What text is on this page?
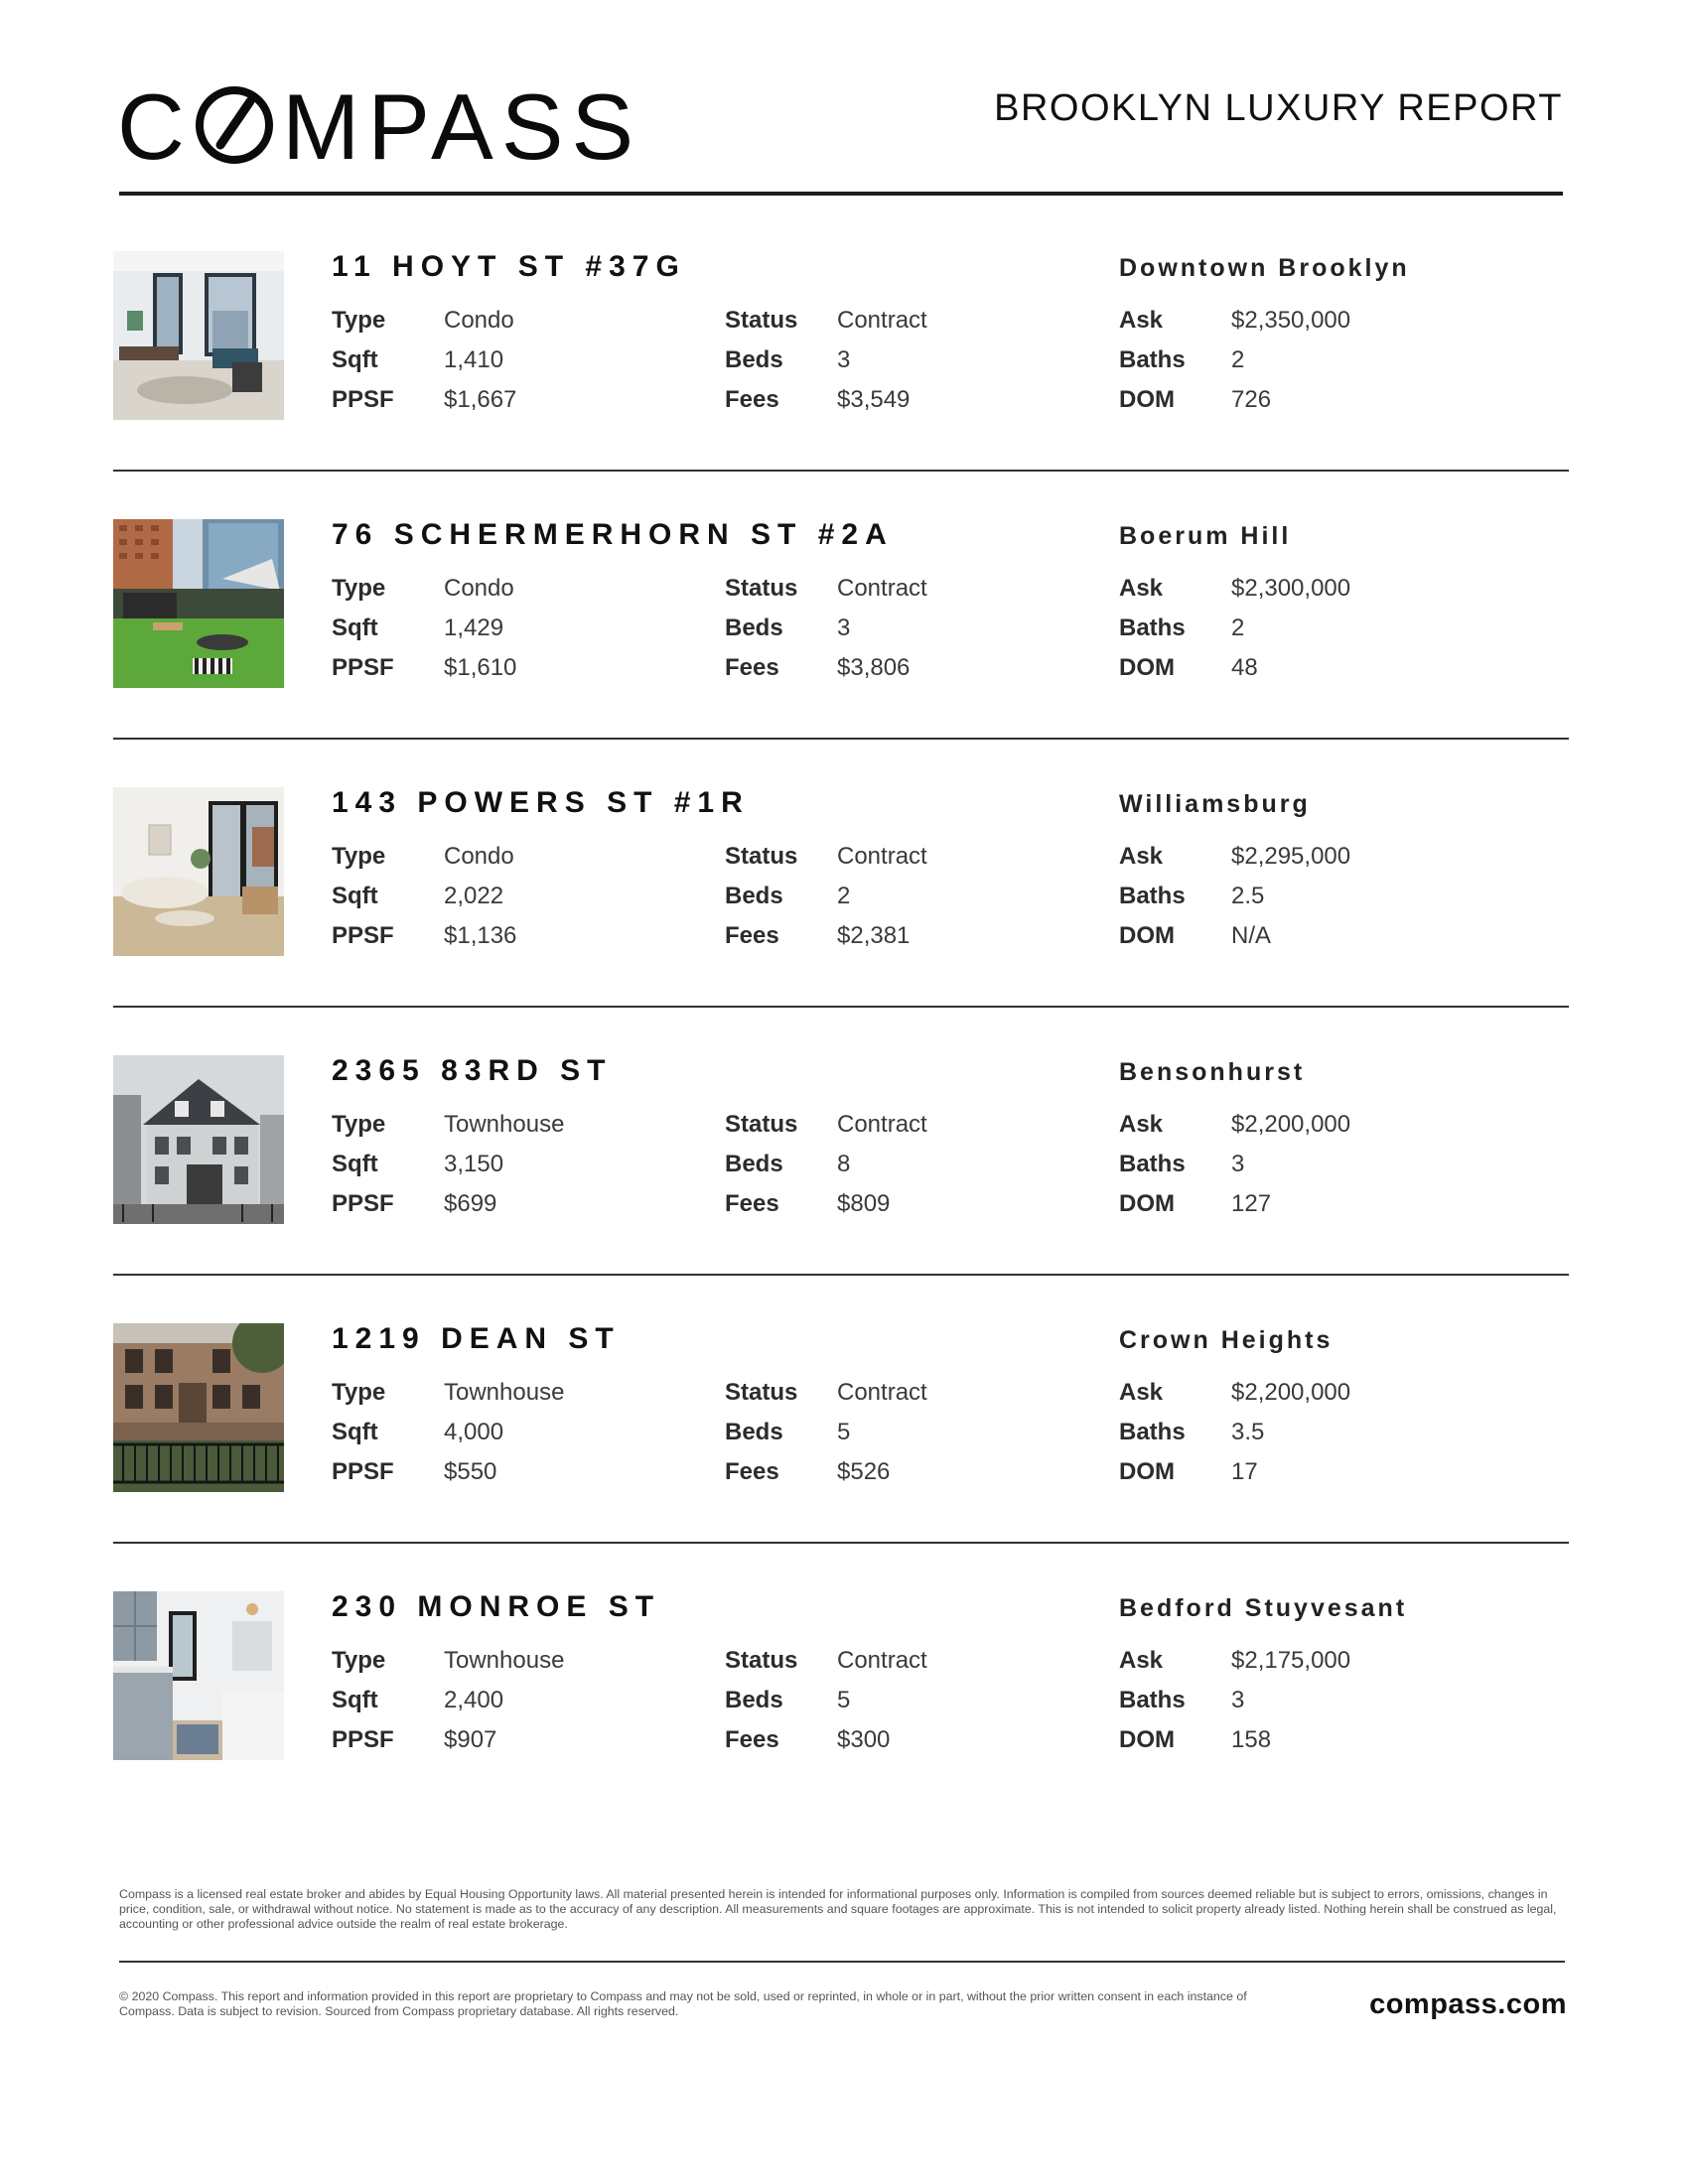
C MPASS	BROOKLYN LUXURY REPORT
11 HOYT ST #37G	Downtown Brooklyn
Type	Condo
Sqft	1,410
PPSF	$1,667
Status	Contract
Beds	3
Fees	$3,549
Ask	$2,350,000
Baths	2
DOM	726
76 SCHERMERHORN ST #2A	Boerum Hill
Type	Condo
Sqft	1,429
PPSF	$1,610
Status	Contract
Beds	3
Fees	$3,806
Ask	$2,300,000
Baths	2
DOM	48
143 POWERS ST #1R	Williamsburg
Type	Condo
Sqft	2,022
PPSF	$1,136
Status	Contract
Beds	2
Fees	$2,381
Ask	$2,295,000
Baths	2.5
DOM	N/A
2365 83RD ST	Bensonhurst
Type	Townhouse
Sqft	3,150
PPSF	$699
Status	Contract
Beds	8
Fees	$809
Ask	$2,200,000
Baths	3
DOM	127
1219 DEAN ST	Crown Heights
Type	Townhouse
Sqft	4,000
PPSF	$550
Status	Contract
Beds	5
Fees	$526
Ask	$2,200,000
Baths	3.5
DOM	17
230 MONROE ST	Bedford Stuyvesant
Type	Townhouse
Sqft	2,400
PPSF	$907
Status	Contract
Beds	5
Fees	$300
Ask	$2,175,000
Baths	3
DOM	158
Compass is a licensed real estate broker and abides by Equal Housing Opportunity laws. All material presented herein is intended for informational purposes only. Information is compiled from sources deemed reliable but is subject to errors, omissions, changes in price, condition, sale, or withdrawal without notice. No statement is made as to the accuracy of any description. All measurements and square footages are approximate. This is not intended to solicit property already listed. Nothing herein shall be construed as legal, accounting or other professional advice outside the realm of real estate brokerage.
© 2020 Compass. This report and information provided in this report are proprietary to Compass and may not be sold, used or reprinted, in whole or in part, without the prior written consent in each instance of Compass. Data is subject to revision. Sourced from Compass proprietary database. All rights reserved.	compass.com
